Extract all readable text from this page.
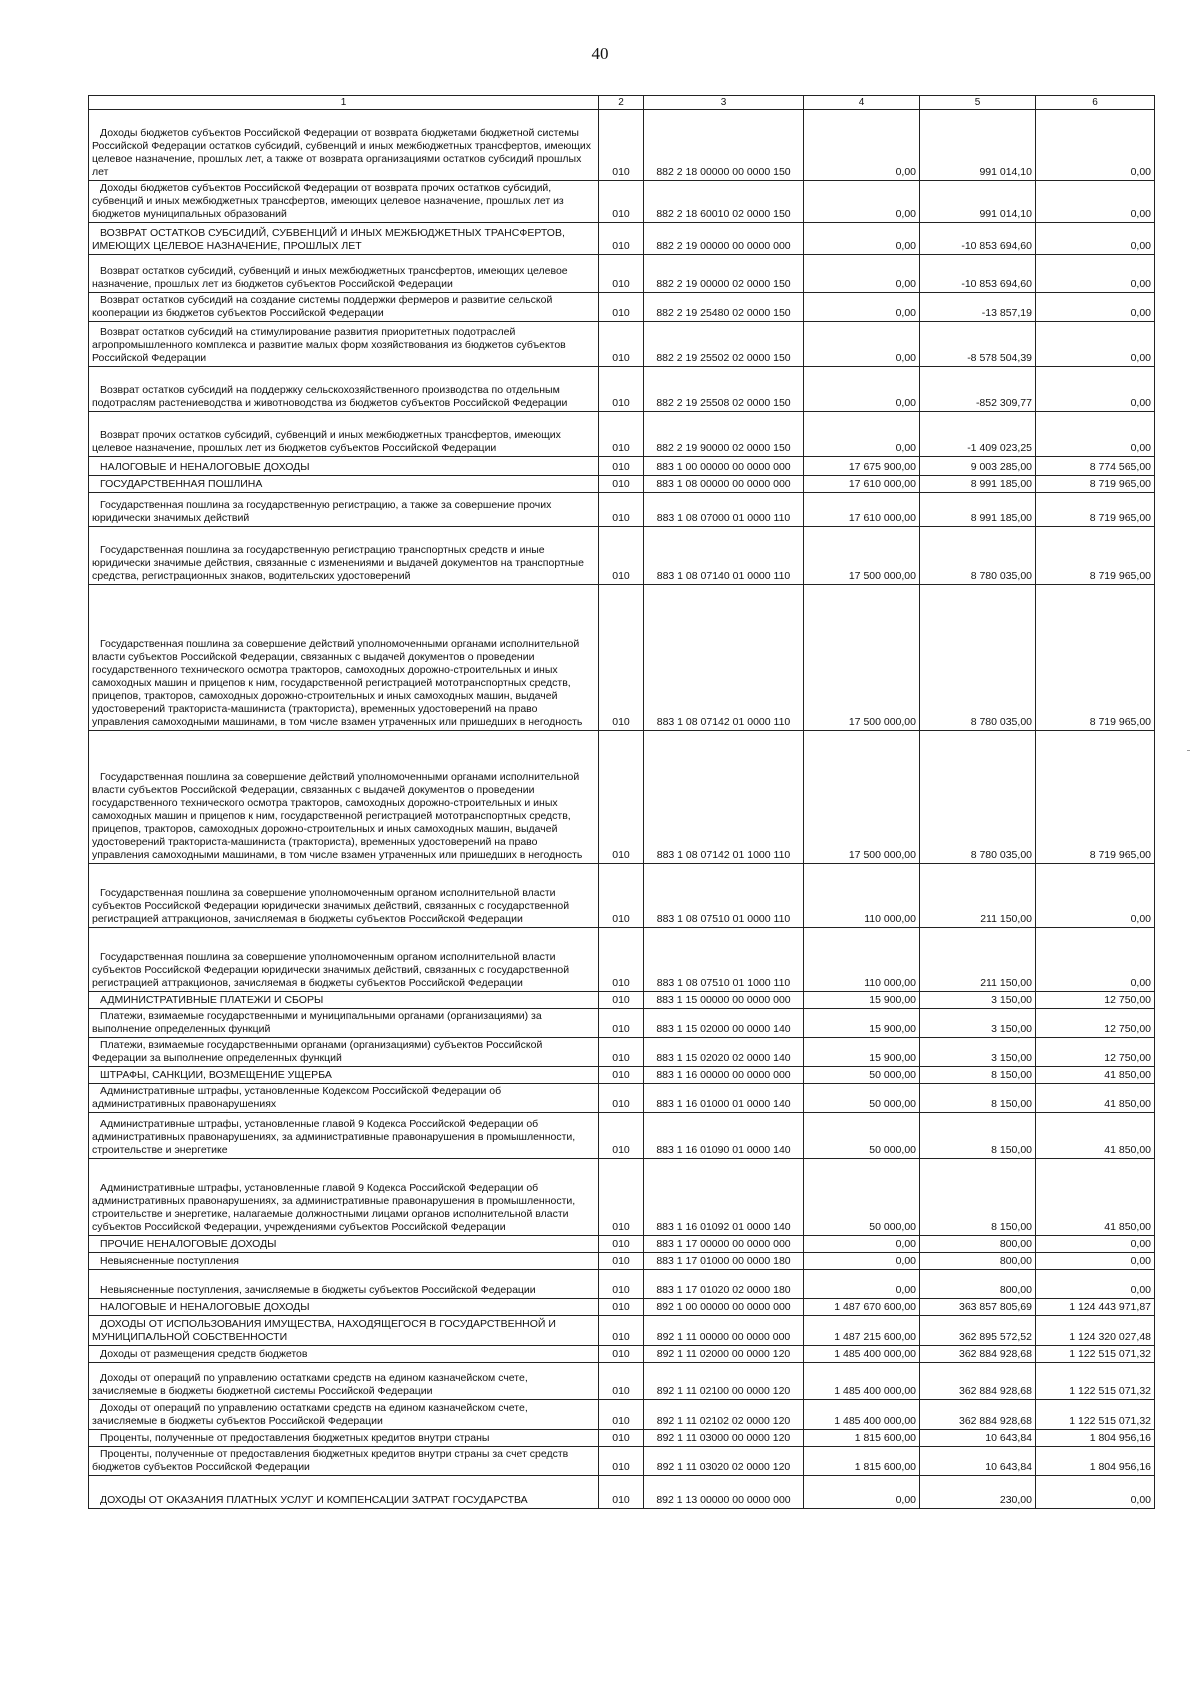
40
1	2	3	4	5	6

Доходы бюджетов субъектов Российской Федерации от возврата бюджетами бюджетной системы Российской Федерации остатков субсидий, субвенций и иных межбюджетных трансфертов, имеющих целевое назначение, прошлых лет, а также от возврата организациями остатков субсидий прошлых лет	010	882 2 18 00000 00 0000 150	0,00	991 014,10	0,00

Доходы бюджетов субъектов Российской Федерации от возврата прочих остатков субсидий, субвенций и иных межбюджетных трансфертов, имеющих целевое назначение, прошлых лет из бюджетов муниципальных образований	010	882 2 18 60010 02 0000 150	0,00	991 014,10	0,00

ВОЗВРАТ ОСТАТКОВ СУБСИДИЙ, СУБВЕНЦИЙ И ИНЫХ МЕЖБЮДЖЕТНЫХ ТРАНСФЕРТОВ, ИМЕЮЩИХ ЦЕЛЕВОЕ НАЗНАЧЕНИЕ, ПРОШЛЫХ ЛЕТ	010	882 2 19 00000 00 0000 000	0,00	-10 853 694,60	0,00

Возврат остатков субсидий, субвенций и иных межбюджетных трансфертов, имеющих целевое назначение, прошлых лет из бюджетов субъектов Российской Федерации	010	882 2 19 00000 02 0000 150	0,00	-10 853 694,60	0,00

Возврат остатков субсидий на создание системы поддержки фермеров и развитие сельской кооперации из бюджетов субъектов Российской Федерации	010	882 2 19 25480 02 0000 150	0,00	-13 857,19	0,00

Возврат остатков субсидий на стимулирование развития приоритетных подотраслей агропромышленного комплекса и развитие малых форм хозяйствования из бюджетов субъектов Российской Федерации	010	882 2 19 25502 02 0000 150	0,00	-8 578 504,39	0,00

Возврат остатков субсидий на поддержку сельскохозяйственного производства по отдельным подотраслям растениеводства и животноводства из бюджетов субъектов Российской Федерации	010	882 2 19 25508 02 0000 150	0,00	-852 309,77	0,00

Возврат прочих остатков субсидий, субвенций и иных межбюджетных трансфертов, имеющих целевое назначение, прошлых лет из бюджетов субъектов Российской Федерации	010	882 2 19 90000 02 0000 150	0,00	-1 409 023,25	0,00

НАЛОГОВЫЕ И НЕНАЛОГОВЫЕ ДОХОДЫ	010	883 1 00 00000 00 0000 000	17 675 900,00	9 003 285,00	8 774 565,00

ГОСУДАРСТВЕННАЯ ПОШЛИНА	010	883 1 08 00000 00 0000 000	17 610 000,00	8 991 185,00	8 719 965,00

Государственная пошлина за государственную регистрацию, а также за совершение прочих юридически значимых действий	010	883 1 08 07000 01 0000 110	17 610 000,00	8 991 185,00	8 719 965,00

Государственная пошлина за государственную регистрацию транспортных средств и иные юридически значимые действия, связанные с изменениями и выдачей документов на транспортные средства, регистрационных знаков, водительских удостоверений	010	883 1 08 07140 01 0000 110	17 500 000,00	8 780 035,00	8 719 965,00

Государственная пошлина за совершение действий уполномоченными органами исполнительной власти субъектов Российской Федерации, связанных с выдачей документов о проведении государственного технического осмотра тракторов, самоходных дорожно-строительных и иных самоходных машин и прицепов к ним, государственной регистрацией мототранспортных средств, прицепов, тракторов, самоходных дорожно-строительных и иных самоходных машин, выдачей удостоверений тракториста-машиниста (тракториста), временных удостоверений на право управления самоходными машинами, в том числе взамен утраченных или пришедших в негодность	010	883 1 08 07142 01 0000 110	17 500 000,00	8 780 035,00	8 719 965,00

Государственная пошлина за совершение действий уполномоченными органами исполнительной власти субъектов Российской Федерации, связанных с выдачей документов о проведении государственного технического осмотра тракторов, самоходных дорожно-строительных и иных самоходных машин и прицепов к ним, государственной регистрацией мототранспортных средств, прицепов, тракторов, самоходных дорожно-строительных и иных самоходных машин, выдачей удостоверений тракториста-машиниста (тракториста), временных удостоверений на право управления самоходными машинами, в том числе взамен утраченных или пришедших в негодность	010	883 1 08 07142 01 1000 110	17 500 000,00	8 780 035,00	8 719 965,00

Государственная пошлина за совершение уполномоченным органом исполнительной власти субъектов Российской Федерации юридически значимых действий, связанных с государственной регистрацией аттракционов, зачисляемая в бюджеты субъектов Российской Федерации	010	883 1 08 07510 01 0000 110	110 000,00	211 150,00	0,00

Государственная пошлина за совершение уполномоченным органом исполнительной власти субъектов Российской Федерации юридически значимых действий, связанных с государственной регистрацией аттракционов, зачисляемая в бюджеты субъектов Российской Федерации	010	883 1 08 07510 01 1000 110	110 000,00	211 150,00	0,00

АДМИНИСТРАТИВНЫЕ ПЛАТЕЖИ И СБОРЫ	010	883 1 15 00000 00 0000 000	15 900,00	3 150,00	12 750,00

Платежи, взимаемые государственными и муниципальными органами (организациями) за выполнение определенных функций	010	883 1 15 02000 00 0000 140	15 900,00	3 150,00	12 750,00

Платежи, взимаемые государственными органами (организациями) субъектов Российской Федерации за выполнение определенных функций	010	883 1 15 02020 02 0000 140	15 900,00	3 150,00	12 750,00

ШТРАФЫ, САНКЦИИ, ВОЗМЕЩЕНИЕ УЩЕРБА	010	883 1 16 00000 00 0000 000	50 000,00	8 150,00	41 850,00

Административные штрафы, установленные Кодексом Российской Федерации об административных правонарушениях	010	883 1 16 01000 01 0000 140	50 000,00	8 150,00	41 850,00

Административные штрафы, установленные главой 9 Кодекса Российской Федерации об административных правонарушениях, за административные правонарушения в промышленности, строительстве и энергетике	010	883 1 16 01090 01 0000 140	50 000,00	8 150,00	41 850,00

Административные штрафы, установленные главой 9 Кодекса Российской Федерации об административных правонарушениях, за административные правонарушения в промышленности, строительстве и энергетике, налагаемые должностными лицами органов исполнительной власти субъектов Российской Федерации, учреждениями субъектов Российской Федерации	010	883 1 16 01092 01 0000 140	50 000,00	8 150,00	41 850,00

ПРОЧИЕ НЕНАЛОГОВЫЕ ДОХОДЫ	010	883 1 17 00000 00 0000 000	0,00	800,00	0,00

Невыясненные поступления	010	883 1 17 01000 00 0000 180	0,00	800,00	0,00

Невыясненные поступления, зачисляемые в бюджеты субъектов Российской Федерации	010	883 1 17 01020 02 0000 180	0,00	800,00	0,00

НАЛОГОВЫЕ И НЕНАЛОГОВЫЕ ДОХОДЫ	010	892 1 00 00000 00 0000 000	1 487 670 600,00	363 857 805,69	1 124 443 971,87

ДОХОДЫ ОТ ИСПОЛЬЗОВАНИЯ ИМУЩЕСТВА, НАХОДЯЩЕГОСЯ В ГОСУДАРСТВЕННОЙ И МУНИЦИПАЛЬНОЙ СОБСТВЕННОСТИ	010	892 1 11 00000 00 0000 000	1 487 215 600,00	362 895 572,52	1 124 320 027,48

Доходы от размещения средств бюджетов	010	892 1 11 02000 00 0000 120	1 485 400 000,00	362 884 928,68	1 122 515 071,32

Доходы от операций по управлению остатками средств на едином казначейском счете, зачисляемые в бюджеты бюджетной системы Российской Федерации	010	892 1 11 02100 00 0000 120	1 485 400 000,00	362 884 928,68	1 122 515 071,32

Доходы от операций по управлению остатками средств на едином казначейском счете, зачисляемые в бюджеты субъектов Российской Федерации	010	892 1 11 02102 02 0000 120	1 485 400 000,00	362 884 928,68	1 122 515 071,32

Проценты, полученные от предоставления бюджетных кредитов внутри страны	010	892 1 11 03000 00 0000 120	1 815 600,00	10 643,84	1 804 956,16

Проценты, полученные от предоставления бюджетных кредитов внутри страны за счет средств бюджетов субъектов Российской Федерации	010	892 1 11 03020 02 0000 120	1 815 600,00	10 643,84	1 804 956,16

ДОХОДЫ ОТ ОКАЗАНИЯ ПЛАТНЫХ УСЛУГ И КОМПЕНСАЦИИ ЗАТРАТ ГОСУДАРСТВА	010	892 1 13 00000 00 0000 000	0,00	230,00	0,00
